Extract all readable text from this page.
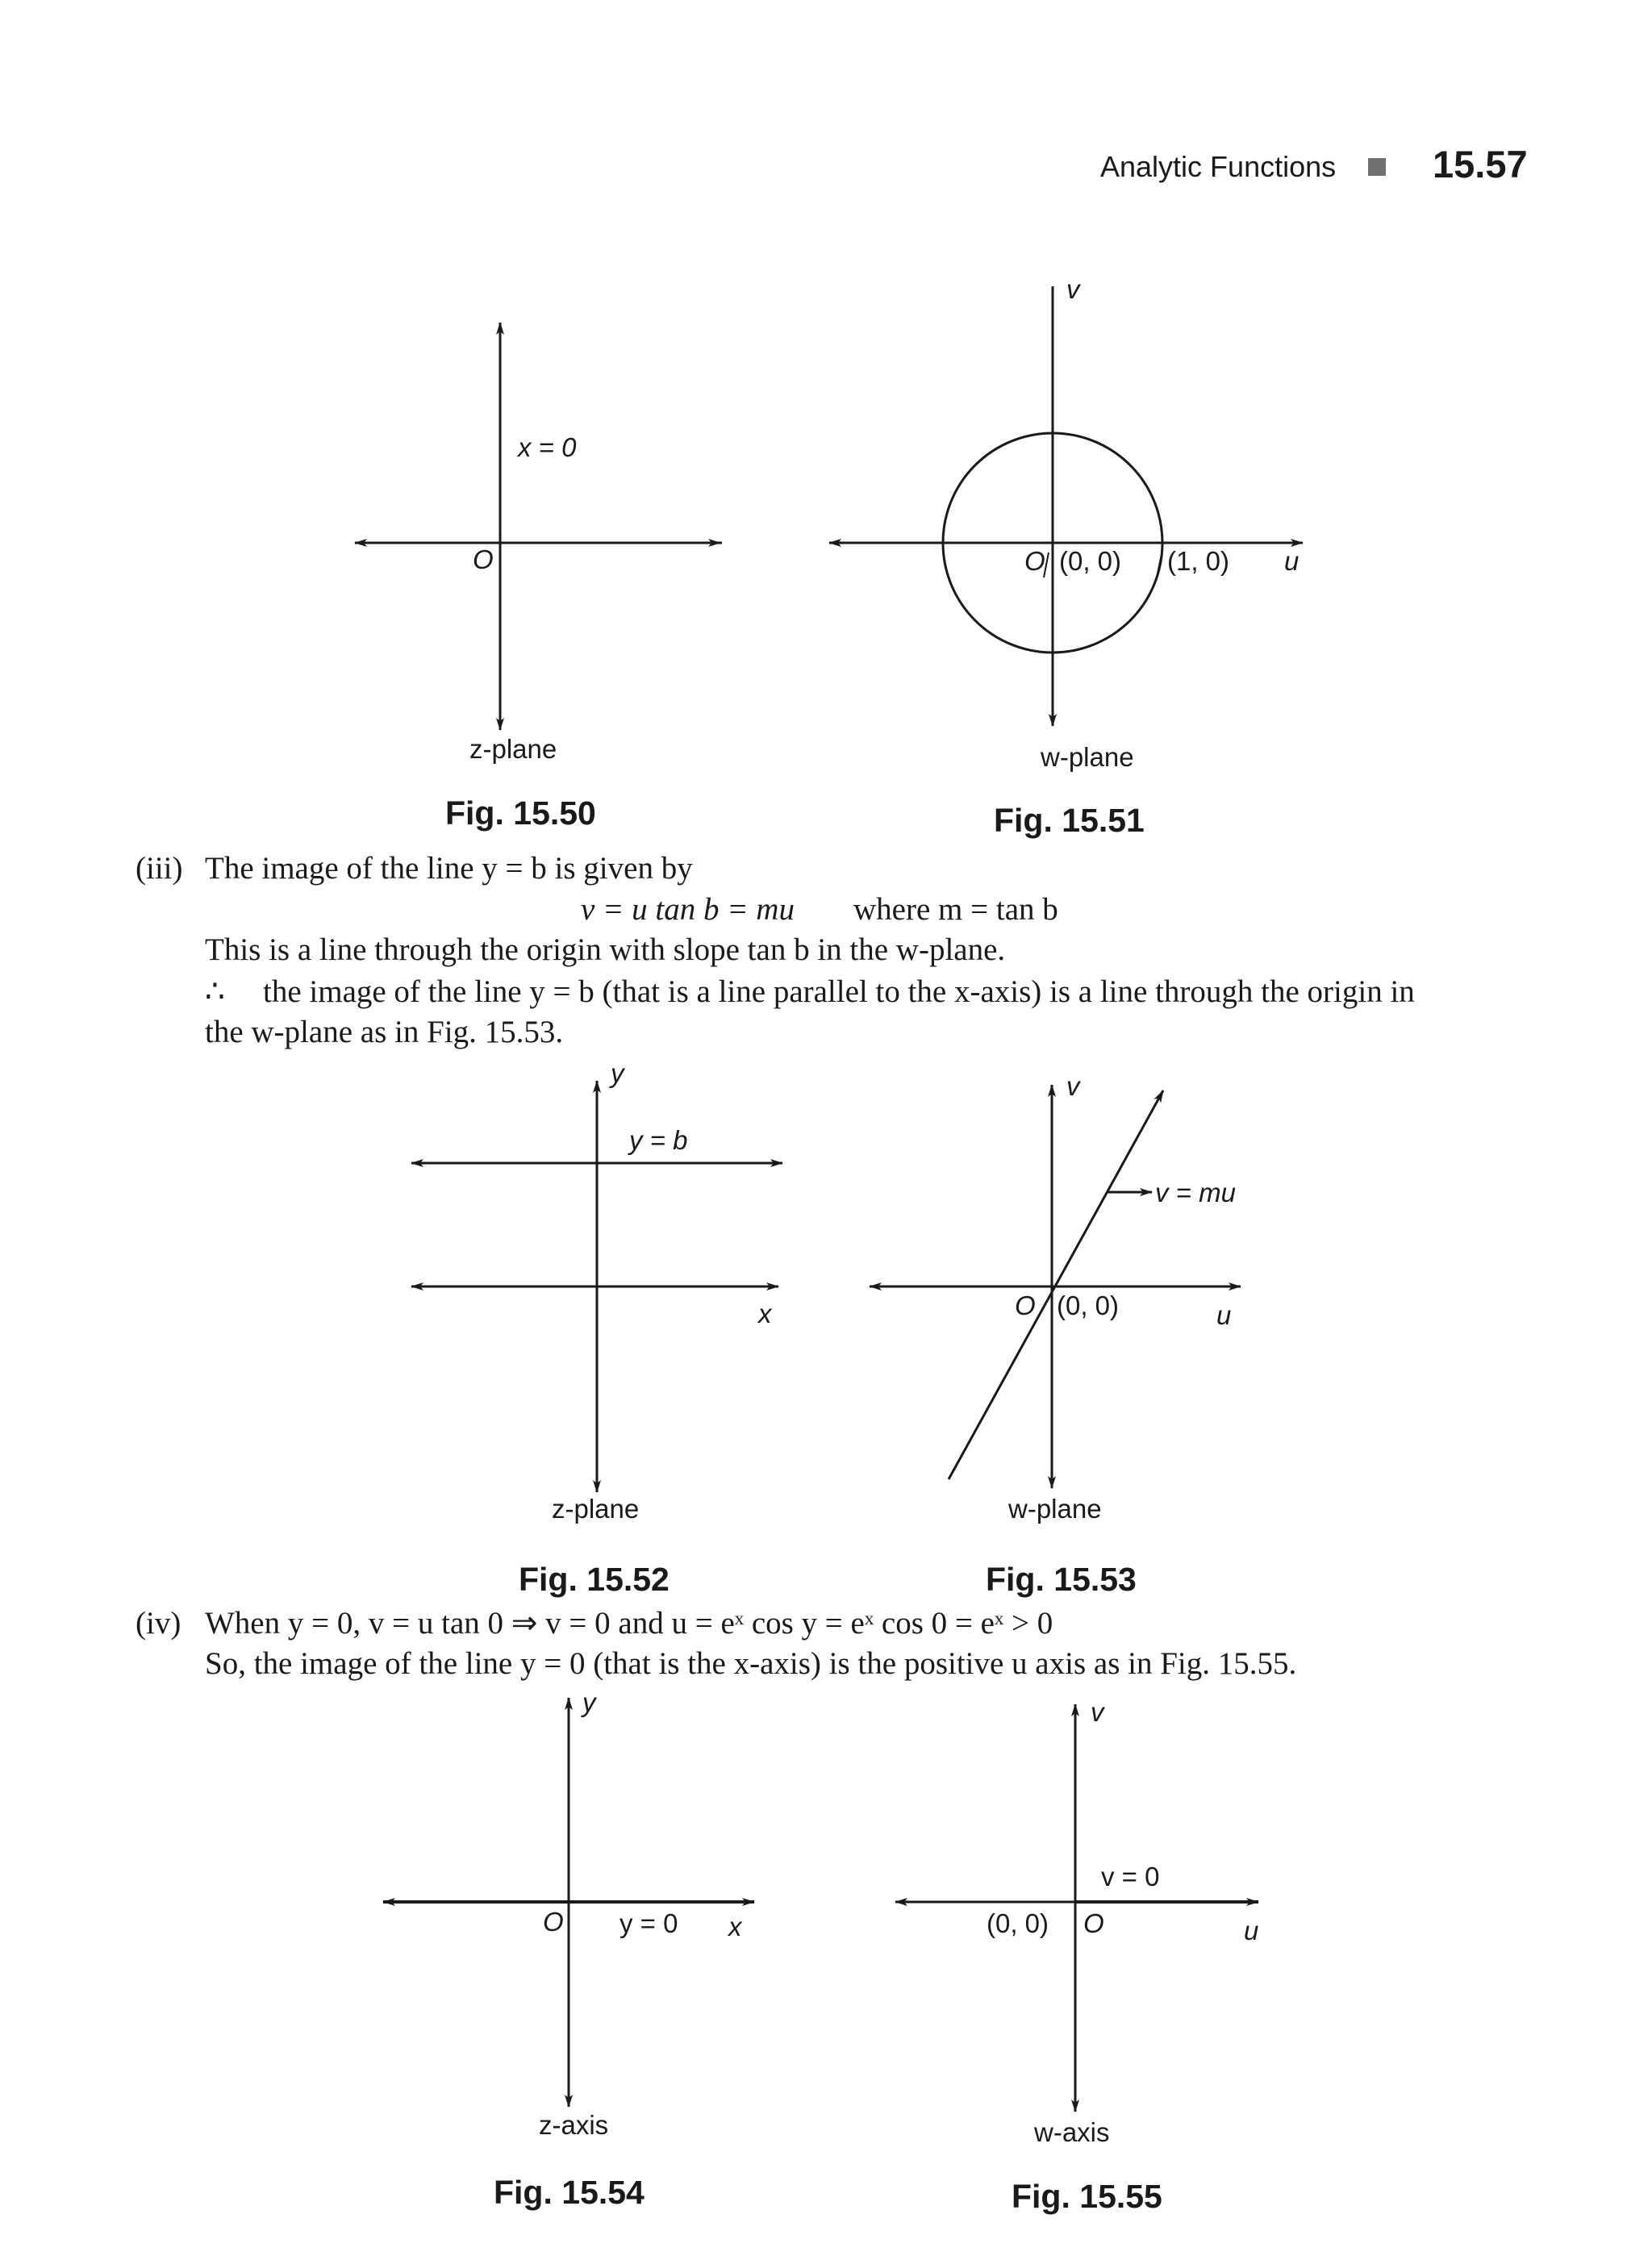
Analytic Functions	15.57
x = 0
O
z-plane
Fig. 15.50
v
O (0, 0) (1, 0) u
w-plane
Fig. 15.51
(iii) The image of the line y = b is given by
v = u tan b = mu where m = tan b
This is a line through the origin with slope tan b in the w-plane.
∴ the image of the line y = b (that is a line parallel to the x-axis) is a line through the origin in
the w-plane as in Fig. 15.53.
y
y = b
x
z-plane
Fig. 15.52
v
v = mu
O (0, 0)	u
w-plane
Fig. 15.53
(iv) When y = 0, v = u tan 0 ⇒ v = 0 and u = eˣ cos y = eˣ cos 0 = eˣ > 0
So, the image of the line y = 0 (that is the x-axis) is the positive u axis as in Fig. 15.55.
y
O y = 0 x
z-axis
Fig. 15.54
v
v = 0
(0, 0) O	u
w-axis
Fig. 15.55
